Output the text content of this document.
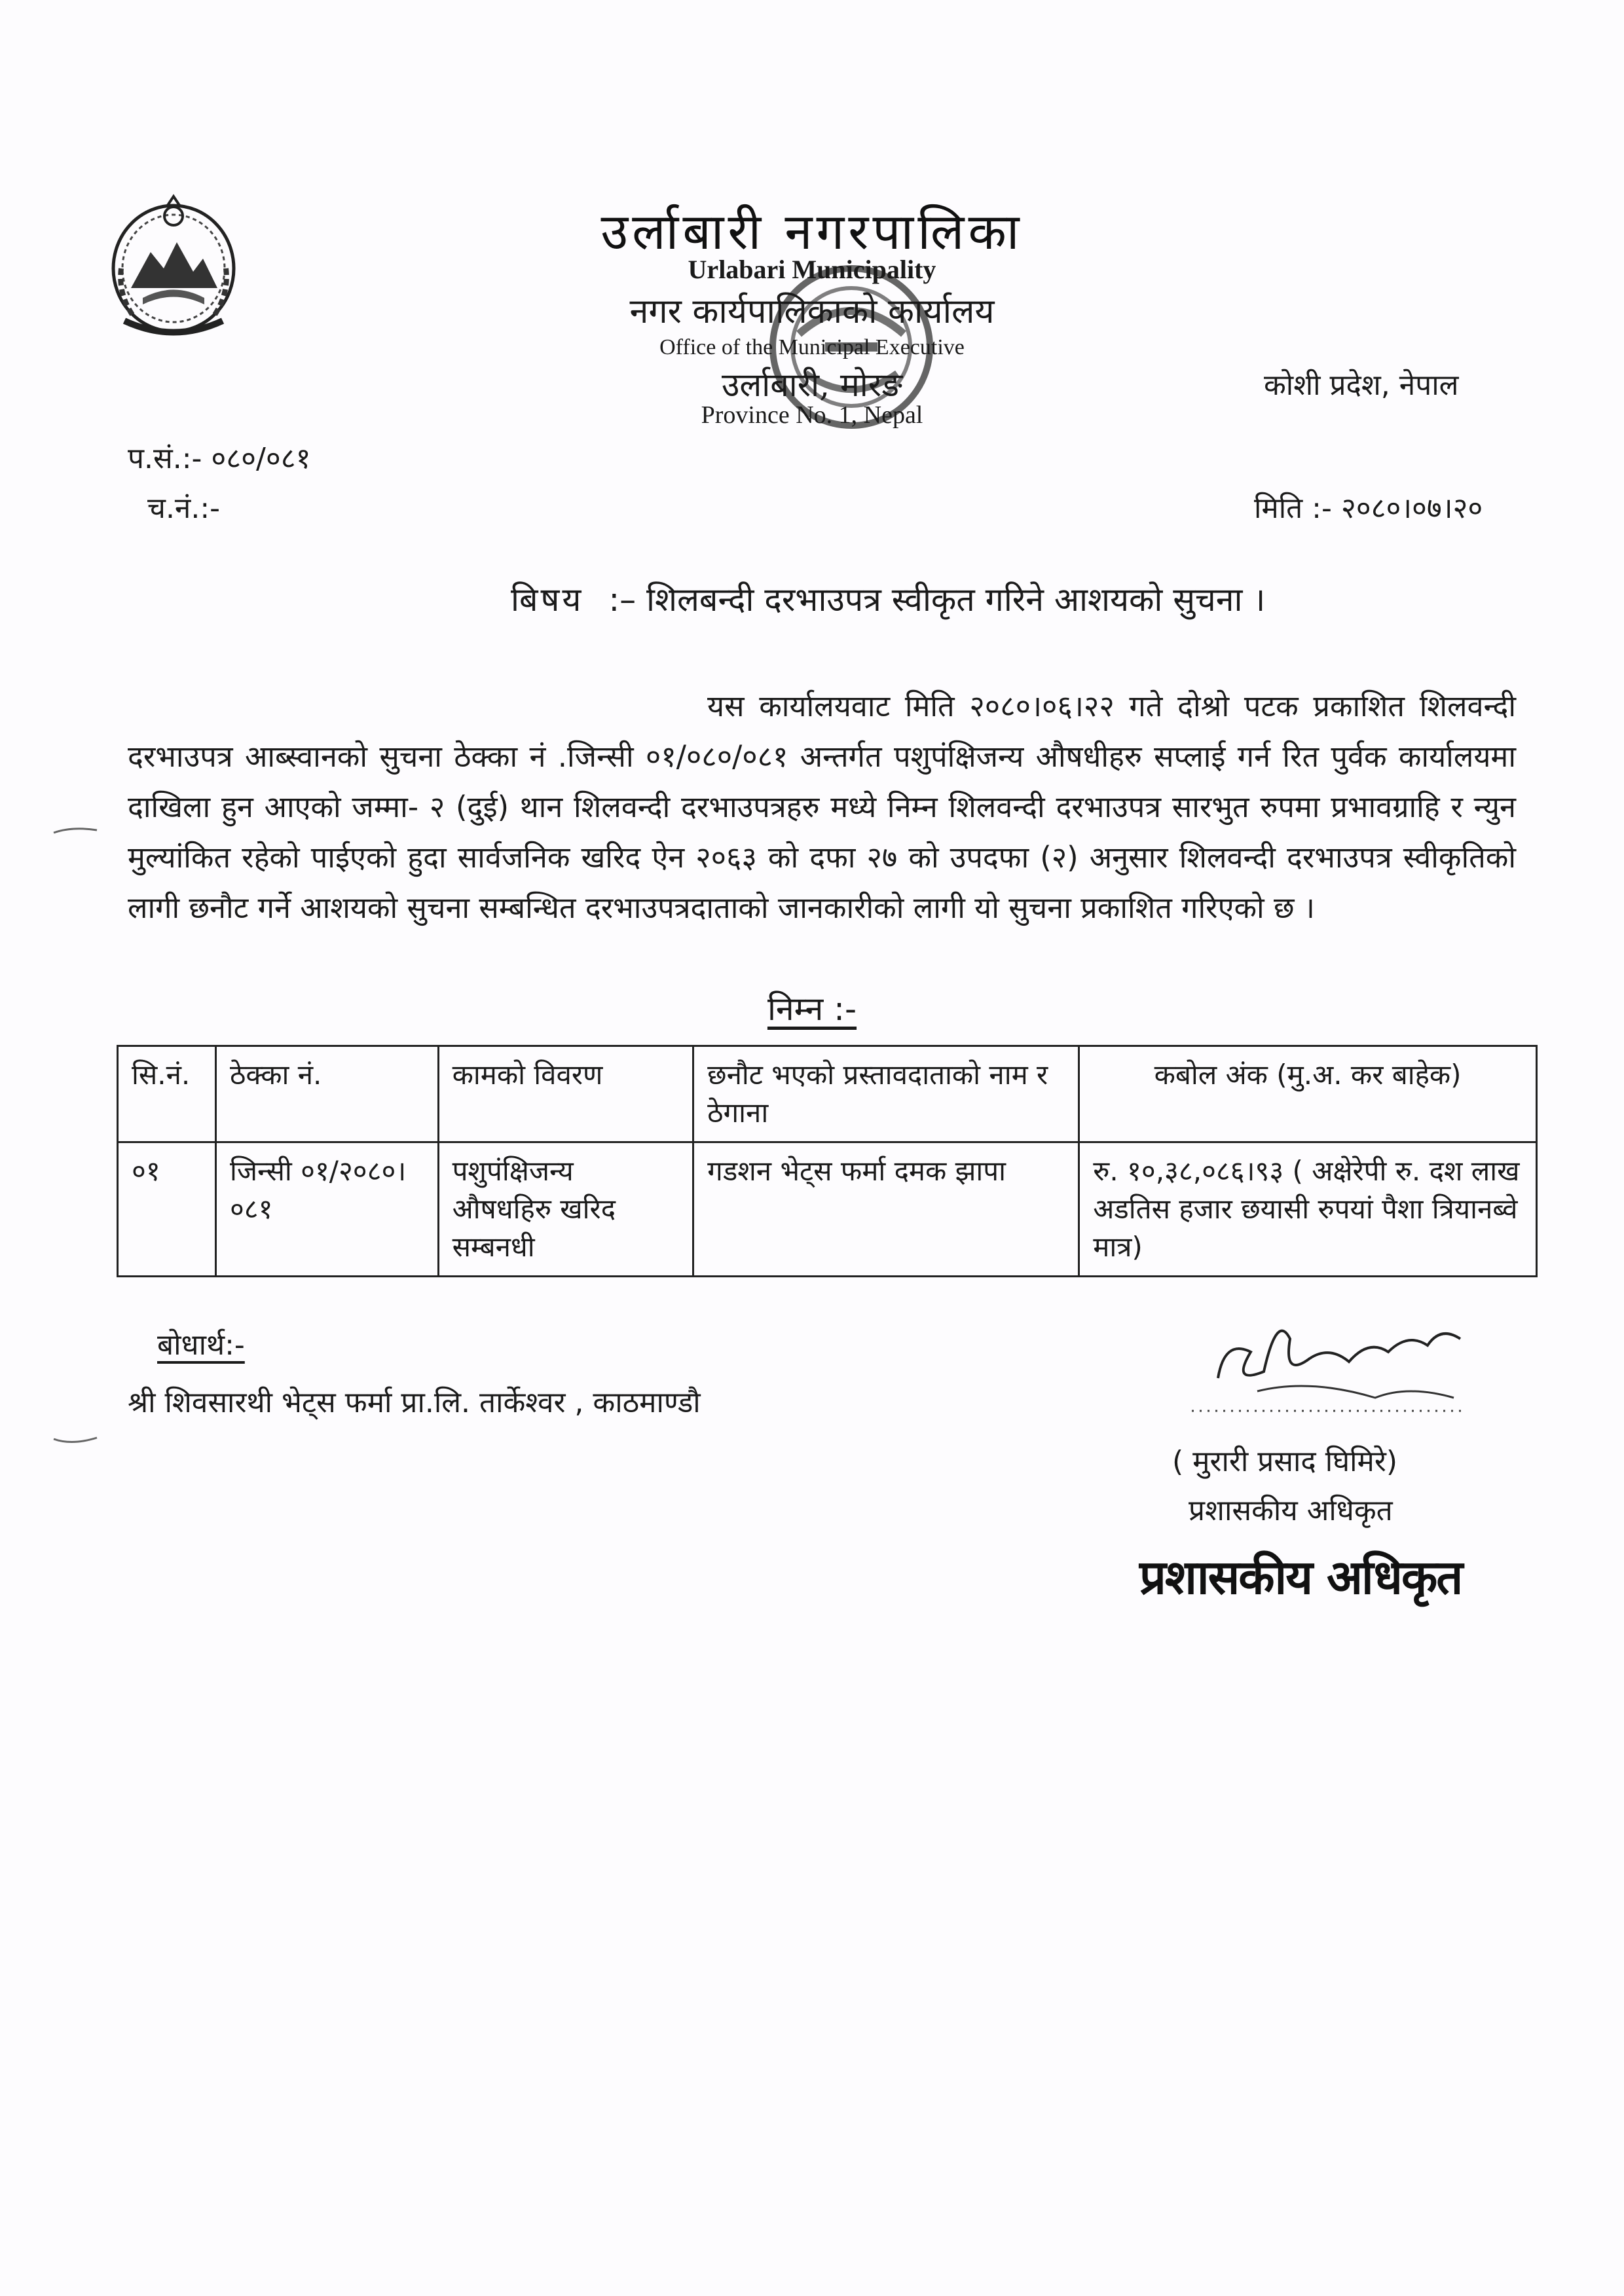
उर्लाबारी नगरपालिका
Urlabari Municipality
नगर कार्यपालिकाको कार्यालय
Office of the Municipal Executive
उर्लाबारी, मोरङ
Province No. 1, Nepal
कोशी प्रदेश, नेपाल
प.सं.:- ०८०/०८१
च.नं.:-	मिति :- २०८०।०७।२०
बिषय :– शिलबन्दी दरभाउपत्र स्वीकृत गरिने आशयको सुचना ।

यस कार्यालयवाट मिति २०८०।०६।२२ गते दोश्रो पटक प्रकाशित शिलवन्दी दरभाउपत्र आब्स्वानको सुचना ठेक्का नं .जिन्सी ०१/०८०/०८१ अन्तर्गत पशुपंक्षिजन्य औषधीहरु सप्लाई गर्न रित पुर्वक कार्यालयमा दाखिला हुन आएको जम्मा- २ (दुई) थान शिलवन्दी दरभाउपत्रहरु मध्ये निम्न शिलवन्दी दरभाउपत्र सारभुत रुपमा प्रभावग्राहि र न्युन मुल्यांकित रहेको पाईएको हुदा सार्वजनिक खरिद ऐन २०६३ को दफा २७ को उपदफा (२) अनुसार शिलवन्दी दरभाउपत्र स्वीकृतिको लागी छनौट गर्ने आशयको सुचना सम्बन्धित दरभाउपत्रदाताको जानकारीको लागी यो सुचना प्रकाशित गरिएको छ ।

निम्न :-
सि.नं.	ठेक्का नं.	कामको विवरण	छनौट भएको प्रस्तावदाताको नाम र ठेगाना	कबोल अंक (मु.अ. कर बाहेक)
०१	जिन्सी ०१/२०८०।०८१	पशुपंक्षिजन्य औषधहिरु खरिद सम्बनधी	गडशन भेट्स फर्मा दमक झापा	रु. १०,३८,०८६।९३ ( अक्षेरेपी रु. दश लाख अडतिस हजार छयासी रुपयां पैशा त्रियानब्वे मात्र)
बोधार्थ:-
श्री शिवसारथी भेट्स फर्मा प्रा.लि. तार्केश्वर , काठमाण्डौ
( मुरारी प्रसाद घिमिरे)
प्रशासकीय अधिकृत
प्रशासकीय अधिकृत
